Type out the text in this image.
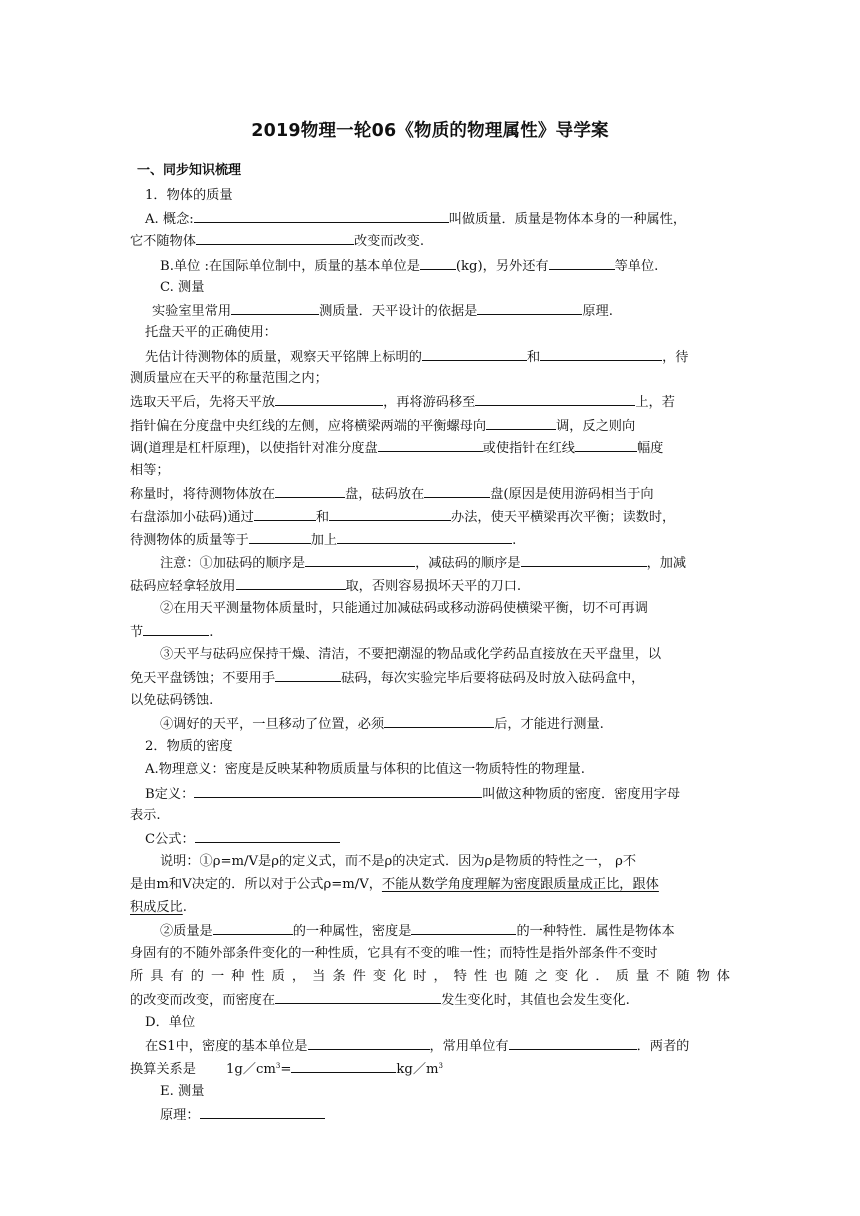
2019物理一轮06《物质的物理属性》导学案
一、同步知识梳理
1．物体的质量
A. 概念:	叫做质量．质量是物体本身的一种属性，
它不随物体	改变而改变.
B.单位 :在国际单位制中，质量的基本单位是	(kg)，另外还有	等单位.
C. 测量
实验室里常用	测质量．天平设计的依据是	原理.
托盘天平的正确使用：
先估计待测物体的质量，观察天平铭牌上标明的	和	，待
测质量应在天平的称量范围之内；
选取天平后，先将天平放	，再将游码移至	上，若
指针偏在分度盘中央红线的左侧，应将横梁两端的平衡螺母向	调，反之则向
调(道理是杠杆原理)，以使指针对准分度盘	或使指针在红线	幅度
相等；
称量时，将待测物体放在	盘，砝码放在	盘(原因是使用游码相当于向
右盘添加小砝码)通过	和	办法，使天平横梁再次平衡；读数时，
待测物体的质量等于	加上	.
注意：①加砝码的顺序是	，减砝码的顺序是	，加减
砝码应轻拿轻放用	取，否则容易损坏天平的刀口.
②在用天平测量物体质量时，只能通过加减砝码或移动游码使横梁平衡，切不可再调
节	.
③天平与砝码应保持干燥、清洁，不要把潮湿的物品或化学药品直接放在天平盘里，以
免天平盘锈蚀；不要用手	砝码，每次实验完毕后要将砝码及时放入砝码盒中，
以免砝码锈蚀.
④调好的天平，一旦移动了位置，必须	后，才能进行测量.
2．物质的密度
A.物理意义：密度是反映某种物质质量与体积的比值这一物质特性的物理量.
B定义：	叫做这种物质的密度．密度用字母
表示.
C公式：
说明：①ρ=m/V是ρ的定义式，而不是ρ的决定式．因为ρ是物质的特性之一， ρ不
是由m和V决定的．所以对于公式ρ=m/V，不能从数学角度理解为密度跟质量成正比，跟体
积成反比.
②质量是	的一种属性，密度是	的一种特性．属性是物体本
身固有的不随外部条件变化的一种性质，它具有不变的唯一性；而特性是指外部条件不变时
所具有的一种性质，当条件变化时，特性也随之变化．质量不随物体
的改变而改变，而密度在	发生变化时，其值也会发生变化.
D．单位
在S1中，密度的基本单位是	，常用单位有	．两者的
换算关系是 $1g/cm^3=$	$kg/m^3$
E. 测量
原理：
